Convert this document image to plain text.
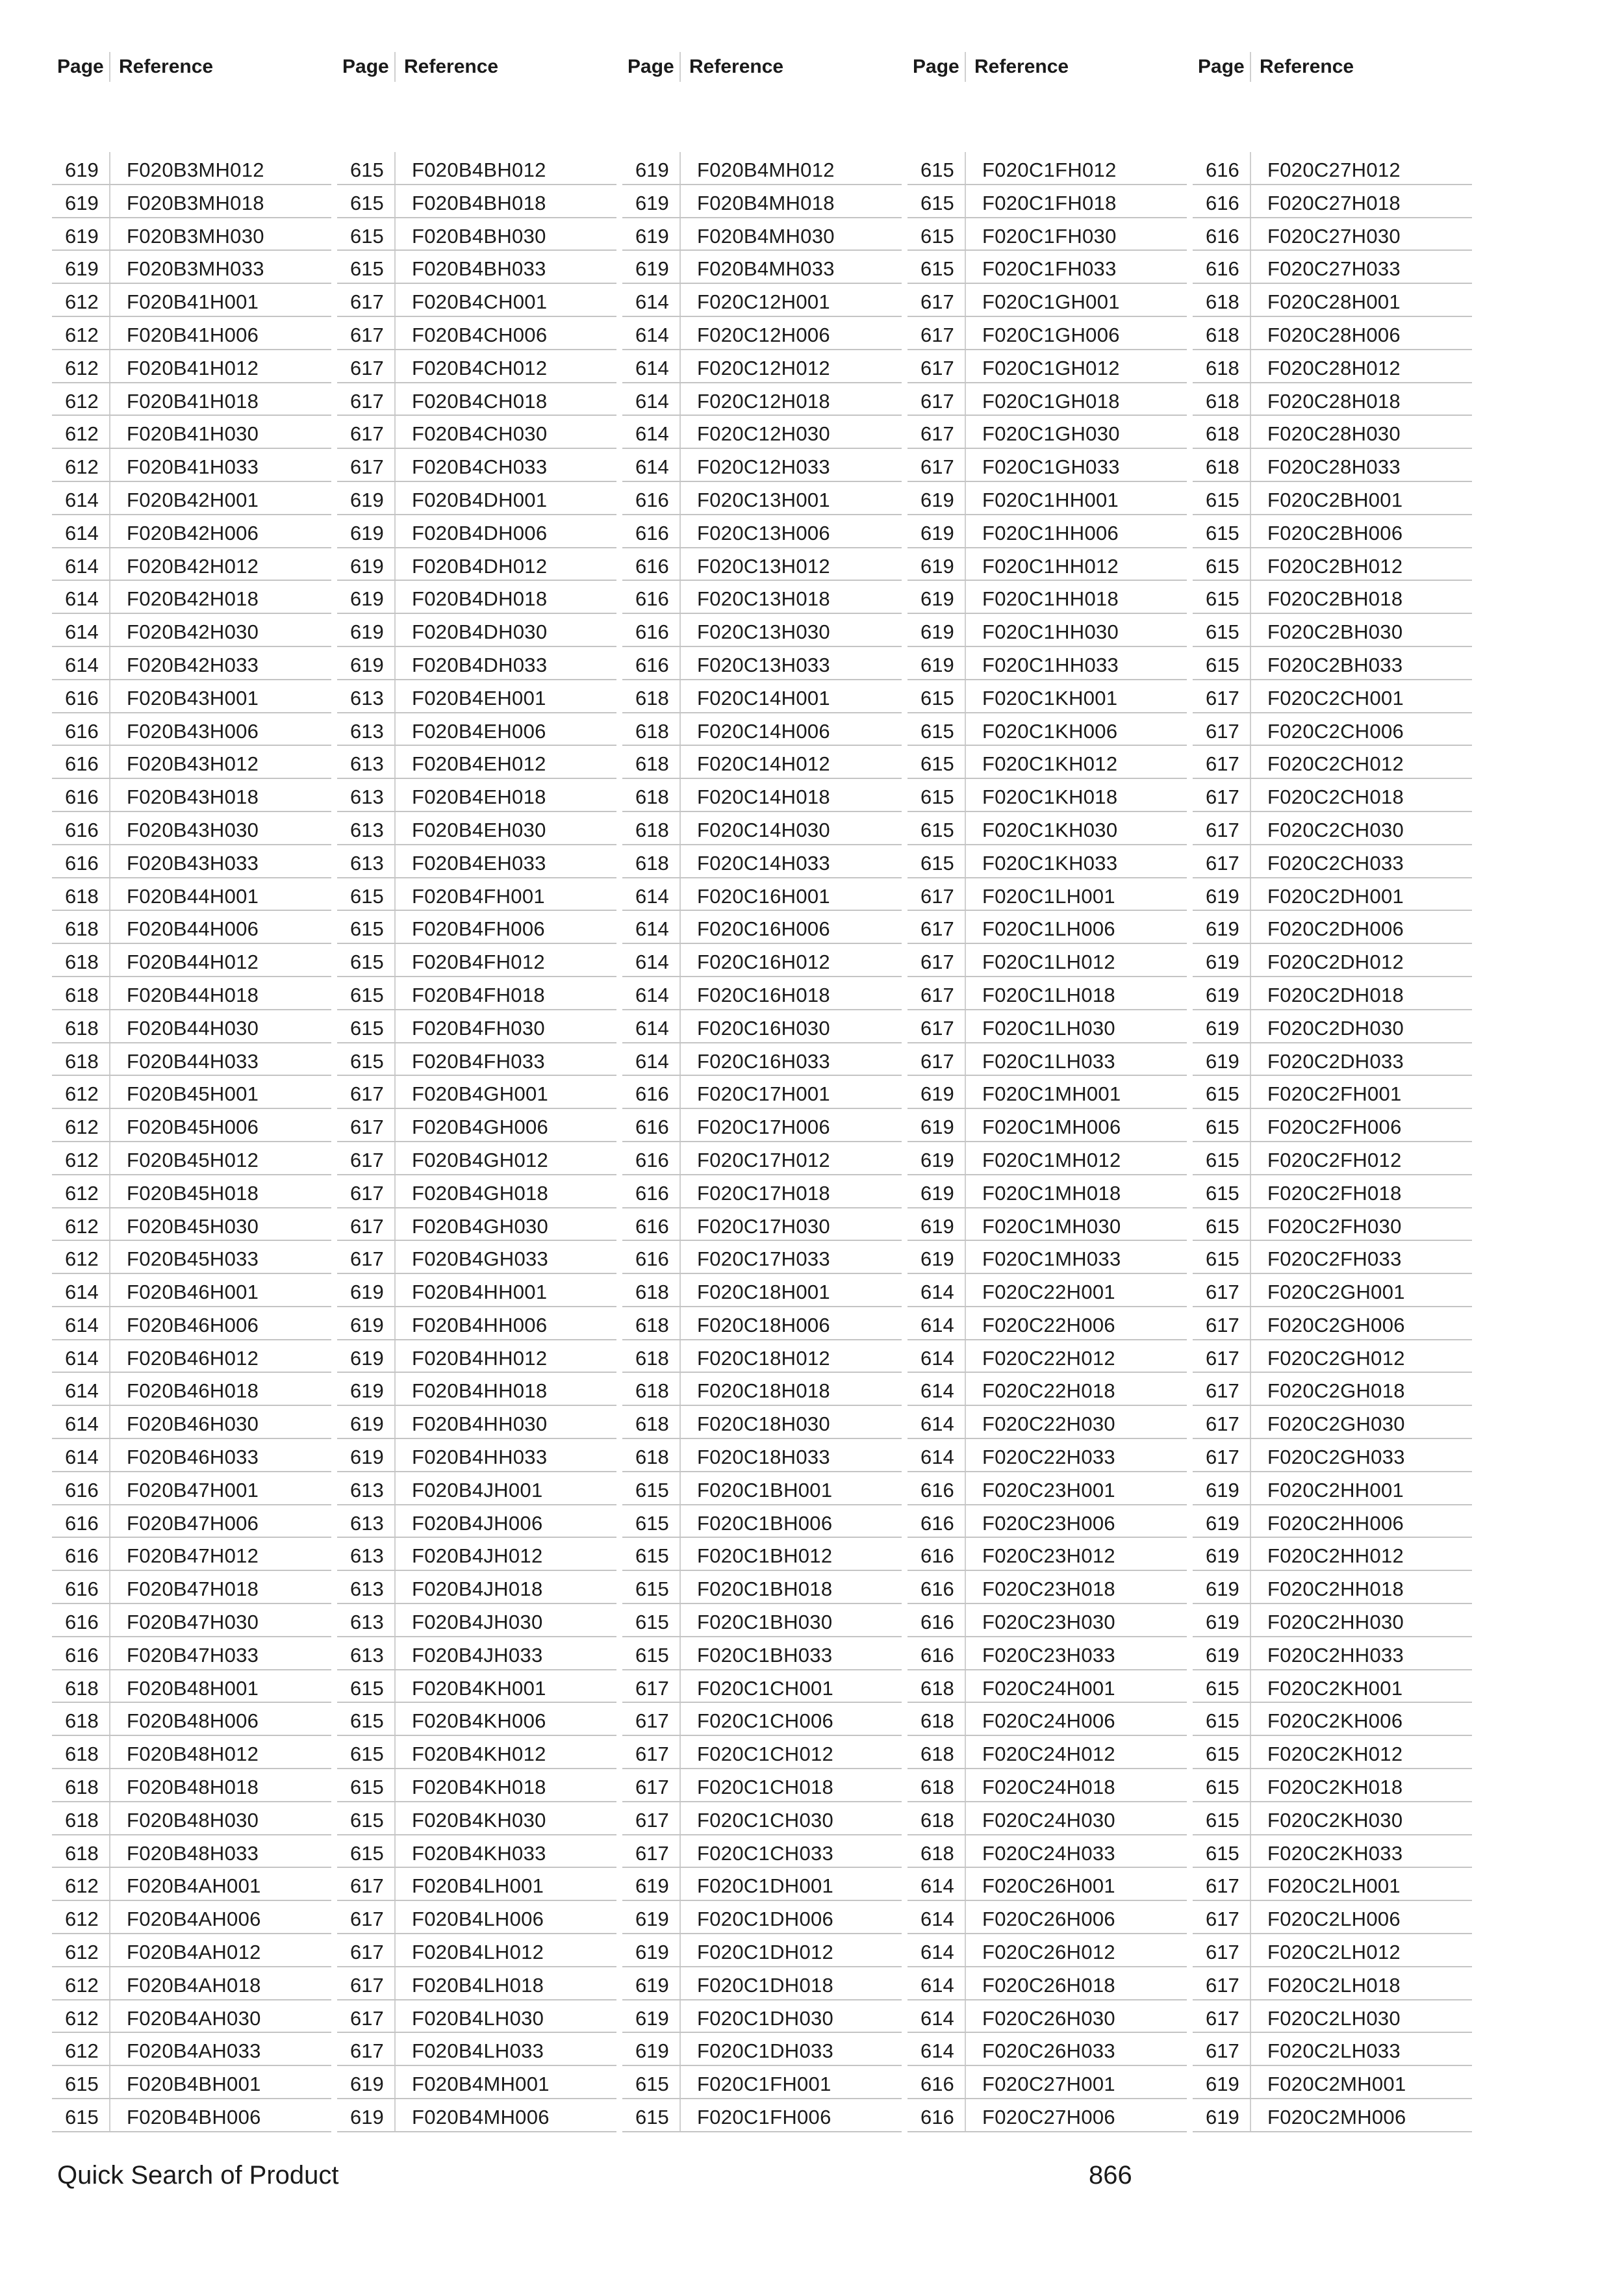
Page Reference
619 F020B3MH012
619 F020B3MH018
619 F020B3MH030
619 F020B3MH033
612 F020B41H001
612 F020B41H006
612 F020B41H012
612 F020B41H018
612 F020B41H030
612 F020B41H033
614 F020B42H001
614 F020B42H006
614 F020B42H012
614 F020B42H018
614 F020B42H030
614 F020B42H033
616 F020B43H001
616 F020B43H006
616 F020B43H012
616 F020B43H018
616 F020B43H030
616 F020B43H033
618 F020B44H001
618 F020B44H006
618 F020B44H012
618 F020B44H018
618 F020B44H030
618 F020B44H033
612 F020B45H001
612 F020B45H006
612 F020B45H012
612 F020B45H018
612 F020B45H030
612 F020B45H033
614 F020B46H001
614 F020B46H006
614 F020B46H012
614 F020B46H018
614 F020B46H030
614 F020B46H033
616 F020B47H001
616 F020B47H006
616 F020B47H012
616 F020B47H018
616 F020B47H030
616 F020B47H033
618 F020B48H001
618 F020B48H006
618 F020B48H012
618 F020B48H018
618 F020B48H030
618 F020B48H033
612 F020B4AH001
612 F020B4AH006
612 F020B4AH012
612 F020B4AH018
612 F020B4AH030
612 F020B4AH033
615 F020B4BH001
615 F020B4BH006
Page Reference
615 F020B4BH012
615 F020B4BH018
615 F020B4BH030
615 F020B4BH033
617 F020B4CH001
617 F020B4CH006
617 F020B4CH012
617 F020B4CH018
617 F020B4CH030
617 F020B4CH033
619 F020B4DH001
619 F020B4DH006
619 F020B4DH012
619 F020B4DH018
619 F020B4DH030
619 F020B4DH033
613 F020B4EH001
613 F020B4EH006
613 F020B4EH012
613 F020B4EH018
613 F020B4EH030
613 F020B4EH033
615 F020B4FH001
615 F020B4FH006
615 F020B4FH012
615 F020B4FH018
615 F020B4FH030
615 F020B4FH033
617 F020B4GH001
617 F020B4GH006
617 F020B4GH012
617 F020B4GH018
617 F020B4GH030
617 F020B4GH033
619 F020B4HH001
619 F020B4HH006
619 F020B4HH012
619 F020B4HH018
619 F020B4HH030
619 F020B4HH033
613 F020B4JH001
613 F020B4JH006
613 F020B4JH012
613 F020B4JH018
613 F020B4JH030
613 F020B4JH033
615 F020B4KH001
615 F020B4KH006
615 F020B4KH012
615 F020B4KH018
615 F020B4KH030
615 F020B4KH033
617 F020B4LH001
617 F020B4LH006
617 F020B4LH012
617 F020B4LH018
617 F020B4LH030
617 F020B4LH033
619 F020B4MH001
619 F020B4MH006
Page Reference
619 F020B4MH012
619 F020B4MH018
619 F020B4MH030
619 F020B4MH033
614 F020C12H001
614 F020C12H006
614 F020C12H012
614 F020C12H018
614 F020C12H030
614 F020C12H033
616 F020C13H001
616 F020C13H006
616 F020C13H012
616 F020C13H018
616 F020C13H030
616 F020C13H033
618 F020C14H001
618 F020C14H006
618 F020C14H012
618 F020C14H018
618 F020C14H030
618 F020C14H033
614 F020C16H001
614 F020C16H006
614 F020C16H012
614 F020C16H018
614 F020C16H030
614 F020C16H033
616 F020C17H001
616 F020C17H006
616 F020C17H012
616 F020C17H018
616 F020C17H030
616 F020C17H033
618 F020C18H001
618 F020C18H006
618 F020C18H012
618 F020C18H018
618 F020C18H030
618 F020C18H033
615 F020C1BH001
615 F020C1BH006
615 F020C1BH012
615 F020C1BH018
615 F020C1BH030
615 F020C1BH033
617 F020C1CH001
617 F020C1CH006
617 F020C1CH012
617 F020C1CH018
617 F020C1CH030
617 F020C1CH033
619 F020C1DH001
619 F020C1DH006
619 F020C1DH012
619 F020C1DH018
619 F020C1DH030
619 F020C1DH033
615 F020C1FH001
615 F020C1FH006
Page Reference
615 F020C1FH012
615 F020C1FH018
615 F020C1FH030
615 F020C1FH033
617 F020C1GH001
617 F020C1GH006
617 F020C1GH012
617 F020C1GH018
617 F020C1GH030
617 F020C1GH033
619 F020C1HH001
619 F020C1HH006
619 F020C1HH012
619 F020C1HH018
619 F020C1HH030
619 F020C1HH033
615 F020C1KH001
615 F020C1KH006
615 F020C1KH012
615 F020C1KH018
615 F020C1KH030
615 F020C1KH033
617 F020C1LH001
617 F020C1LH006
617 F020C1LH012
617 F020C1LH018
617 F020C1LH030
617 F020C1LH033
619 F020C1MH001
619 F020C1MH006
619 F020C1MH012
619 F020C1MH018
619 F020C1MH030
619 F020C1MH033
614 F020C22H001
614 F020C22H006
614 F020C22H012
614 F020C22H018
614 F020C22H030
614 F020C22H033
616 F020C23H001
616 F020C23H006
616 F020C23H012
616 F020C23H018
616 F020C23H030
616 F020C23H033
618 F020C24H001
618 F020C24H006
618 F020C24H012
618 F020C24H018
618 F020C24H030
618 F020C24H033
614 F020C26H001
614 F020C26H006
614 F020C26H012
614 F020C26H018
614 F020C26H030
614 F020C26H033
616 F020C27H001
616 F020C27H006
Page Reference
616 F020C27H012
616 F020C27H018
616 F020C27H030
616 F020C27H033
618 F020C28H001
618 F020C28H006
618 F020C28H012
618 F020C28H018
618 F020C28H030
618 F020C28H033
615 F020C2BH001
615 F020C2BH006
615 F020C2BH012
615 F020C2BH018
615 F020C2BH030
615 F020C2BH033
617 F020C2CH001
617 F020C2CH006
617 F020C2CH012
617 F020C2CH018
617 F020C2CH030
617 F020C2CH033
619 F020C2DH001
619 F020C2DH006
619 F020C2DH012
619 F020C2DH018
619 F020C2DH030
619 F020C2DH033
615 F020C2FH001
615 F020C2FH006
615 F020C2FH012
615 F020C2FH018
615 F020C2FH030
615 F020C2FH033
617 F020C2GH001
617 F020C2GH006
617 F020C2GH012
617 F020C2GH018
617 F020C2GH030
617 F020C2GH033
619 F020C2HH001
619 F020C2HH006
619 F020C2HH012
619 F020C2HH018
619 F020C2HH030
619 F020C2HH033
615 F020C2KH001
615 F020C2KH006
615 F020C2KH012
615 F020C2KH018
615 F020C2KH030
615 F020C2KH033
617 F020C2LH001
617 F020C2LH006
617 F020C2LH012
617 F020C2LH018
617 F020C2LH030
617 F020C2LH033
619 F020C2MH001
619 F020C2MH006
Quick Search of Product	866
